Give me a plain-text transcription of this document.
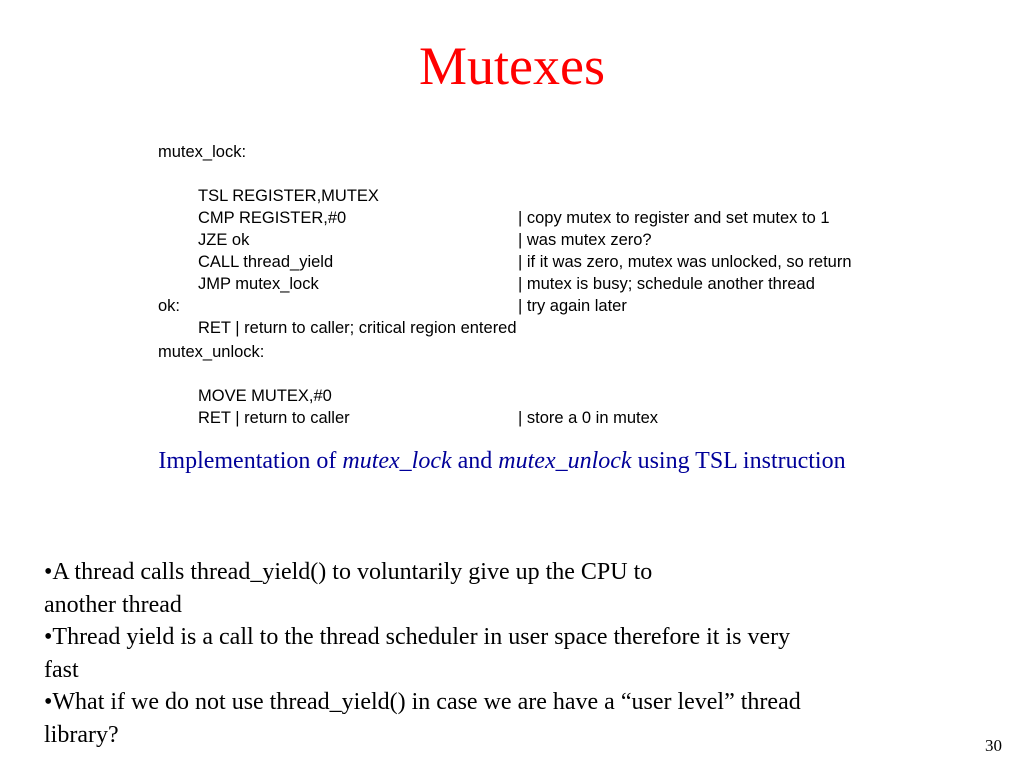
Mutexes
mutex_lock:

TSL REGISTER,MUTEX

| copy mutex to register and set mutex to 1

CMP REGISTER,#0

| was mutex zero?

JZE ok

| if it was zero, mutex was unlocked, so return

CALL thread_yield

| mutex is busy; schedule another thread

JMP mutex_lock

| try again later

ok:

RET | return to caller; critical region entered

mutex_unlock:

MOVE MUTEX,#0

| store a 0 in mutex

RET | return to caller

Implementation of mutex_lock and mutex_unlock using TSL instruction
•A thread calls thread_yield() to voluntarily give up the CPU to
another thread
•Thread yield is a call to the thread scheduler in user space therefore it is very
fast
•What if we do not use thread_yield() in case we are have a “user level” thread
library?	30
